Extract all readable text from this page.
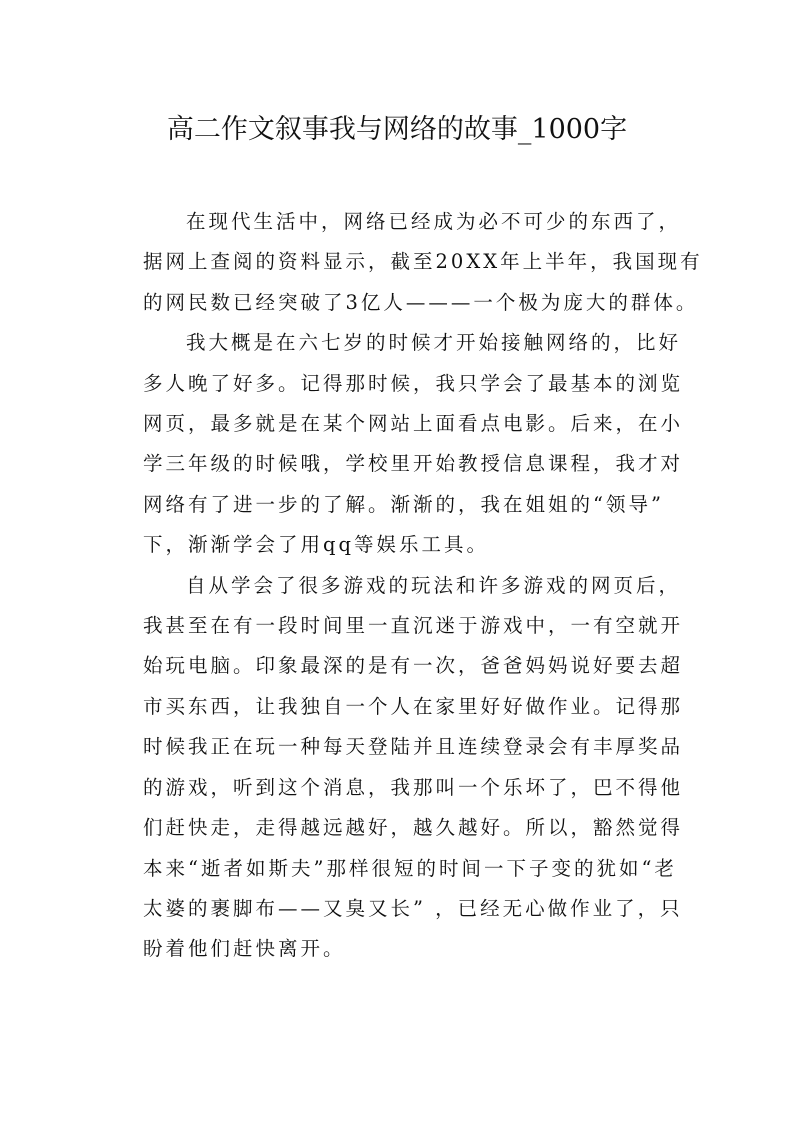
高二作文叙事我与网络的故事_1000字

在现代生活中，网络已经成为必不可少的东西了，
据网上查阅的资料显示，截至20XX年上半年，我国现有
的网民数已经突破了3亿人———一个极为庞大的群体。

我大概是在六七岁的时候才开始接触网络的，比好
多人晚了好多。记得那时候，我只学会了最基本的浏览
网页，最多就是在某个网站上面看点电影。后来，在小
学三年级的时候哦，学校里开始教授信息课程，我才对
网络有了进一步的了解。渐渐的，我在姐姐的“领导”
下，渐渐学会了用qq等娱乐工具。

自从学会了很多游戏的玩法和许多游戏的网页后，
我甚至在有一段时间里一直沉迷于游戏中，一有空就开
始玩电脑。印象最深的是有一次，爸爸妈妈说好要去超
市买东西，让我独自一个人在家里好好做作业。记得那
时候我正在玩一种每天登陆并且连续登录会有丰厚奖品
的游戏，听到这个消息，我那叫一个乐坏了，巴不得他
们赶快走，走得越远越好，越久越好。所以，豁然觉得
本来“逝者如斯夫”那样很短的时间一下子变的犹如“老
太婆的裹脚布——又臭又长” ，已经无心做作业了，只
盼着他们赶快离开。
